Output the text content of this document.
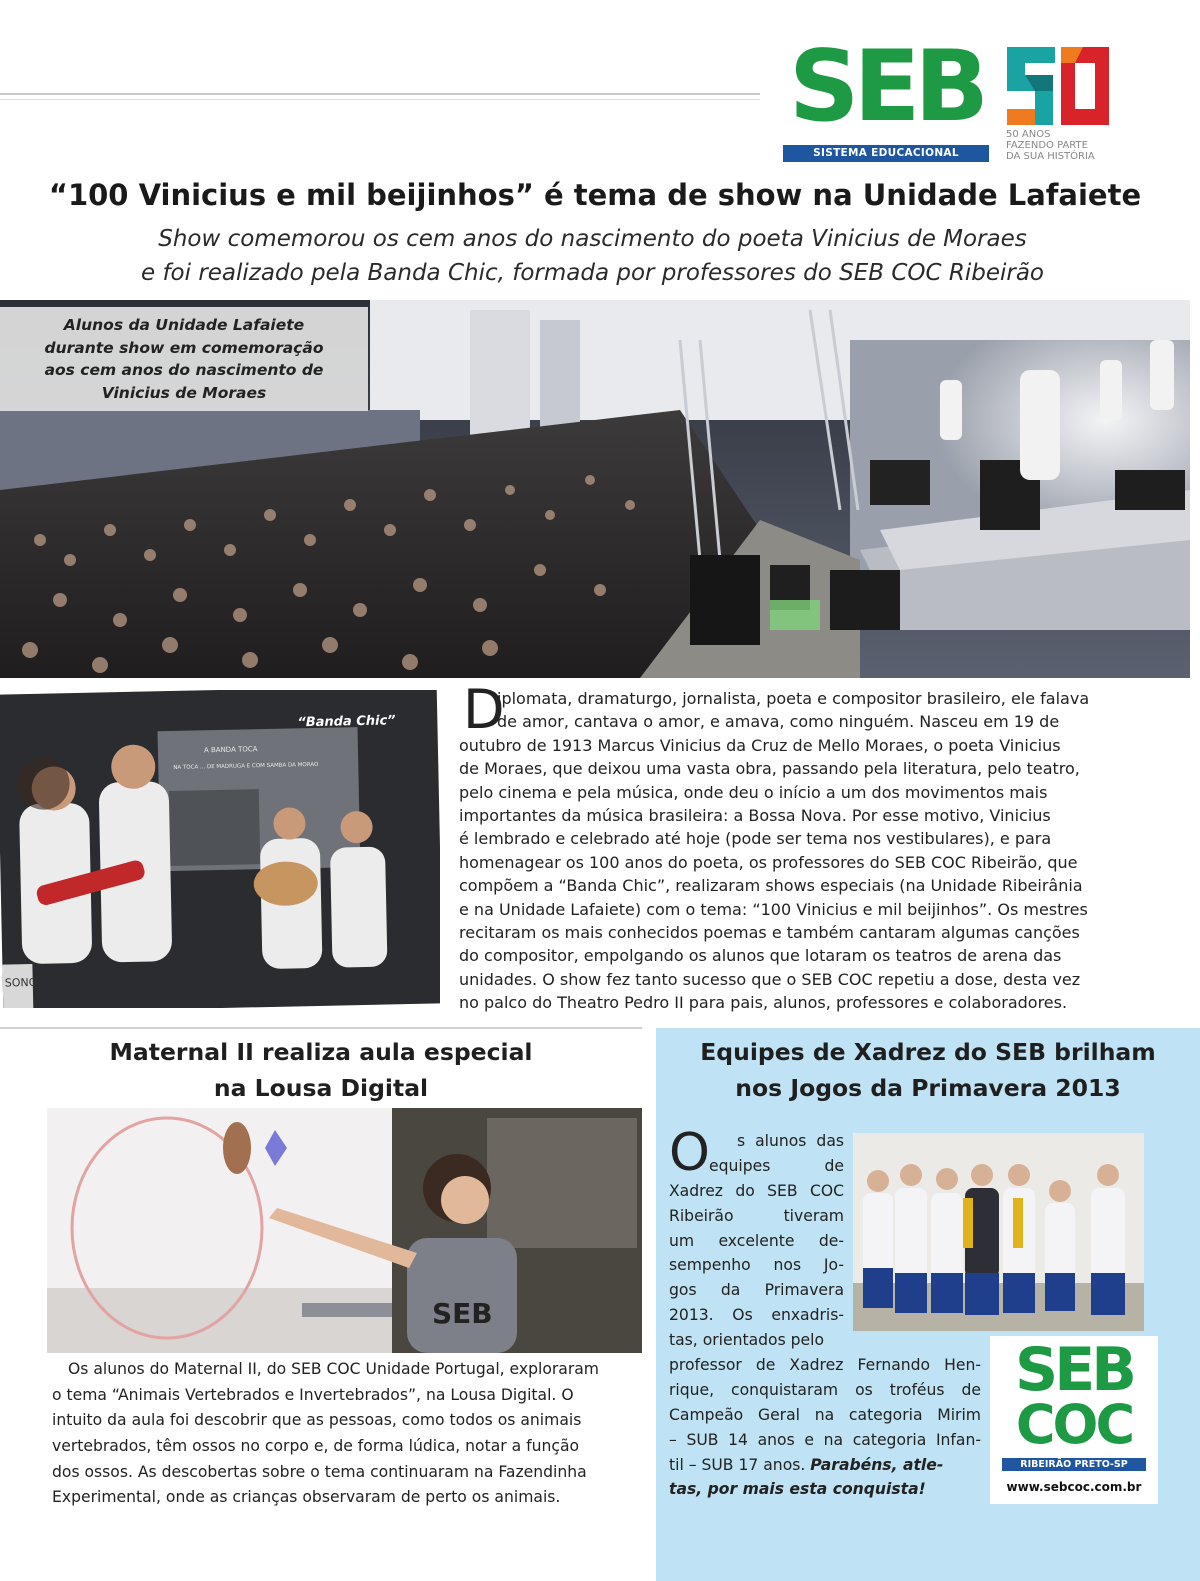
SEB
SISTEMA EDUCACIONAL BRASILEIRO
50 ANOS
FAZENDO PARTE
DA SUA HISTÓRIA
“100 Vinicius e mil beijinhos” é tema de show na Unidade Lafaiete
Show comemorou os cem anos do nascimento do poeta Vinicius de Moraes
e foi realizado pela Banda Chic, formada por professores do SEB COC Ribeirão
Alunos da Unidade Lafaiete
durante show em comemoração
aos cem anos do nascimento de
Vinicius de Moraes
A BANDA TOCA
NA TOCA ... DE MADRUGA E COM SAMBA DA MORAO
“Banda Chic”
SONO
D
iplomata, dramaturgo, jornalista, poeta e compositor brasileiro, ele falava
de amor, cantava o amor, e amava, como ninguém. Nasceu em 19 de
outubro de 1913 Marcus Vinicius da Cruz de Mello Moraes, o poeta Vinicius
de Moraes, que deixou uma vasta obra, passando pela literatura, pelo teatro,
pelo cinema e pela música, onde deu o início a um dos movimentos mais
importantes da música brasileira: a Bossa Nova. Por esse motivo, Vinicius
é lembrado e celebrado até hoje (pode ser tema nos vestibulares), e para
homenagear os 100 anos do poeta, os professores do SEB COC Ribeirão, que
compõem a “Banda Chic”, realizaram shows especiais (na Unidade Ribeirânia
e na Unidade Lafaiete) com o tema: “100 Vinicius e mil beijinhos”. Os mestres
recitaram os mais conhecidos poemas e também cantaram algumas canções
do compositor, empolgando os alunos que lotaram os teatros de arena das
unidades. O show fez tanto sucesso que o SEB COC repetiu a dose, desta vez
no palco do Theatro Pedro II para pais, alunos, professores e colaboradores.
Maternal II realiza aula especial
na Lousa Digital
SEB
Os alunos do Maternal II, do SEB COC Unidade Portugal, exploraram
o tema “Animais Vertebrados e Invertebrados”, na Lousa Digital. O
intuito da aula foi descobrir que as pessoas, como todos os animais
vertebrados, têm ossos no corpo e, de forma lúdica, notar a função
dos ossos. As descobertas sobre o tema continuaram na Fazendinha
Experimental, onde as crianças observaram de perto os animais.
Equipes de Xadrez do SEB brilham
nos Jogos da Primavera 2013
O	s alunos das
equipes de
Xadrez do SEB COC
Ribeirão tiveram
um excelente de-
sempenho nos Jo-
gos da Primavera
2013. Os enxadris-
tas, orientados pelo
professor de Xadrez Fernando Hen-
rique, conquistaram os troféus de
Campeão Geral na categoria Mirim
– SUB 14 anos e na categoria Infan-
til – SUB 17 anos. Parabéns, atle-
tas, por mais esta conquista!
SEB
COC
RIBEIRÃO PRETO-SP
www.sebcoc.com.br
